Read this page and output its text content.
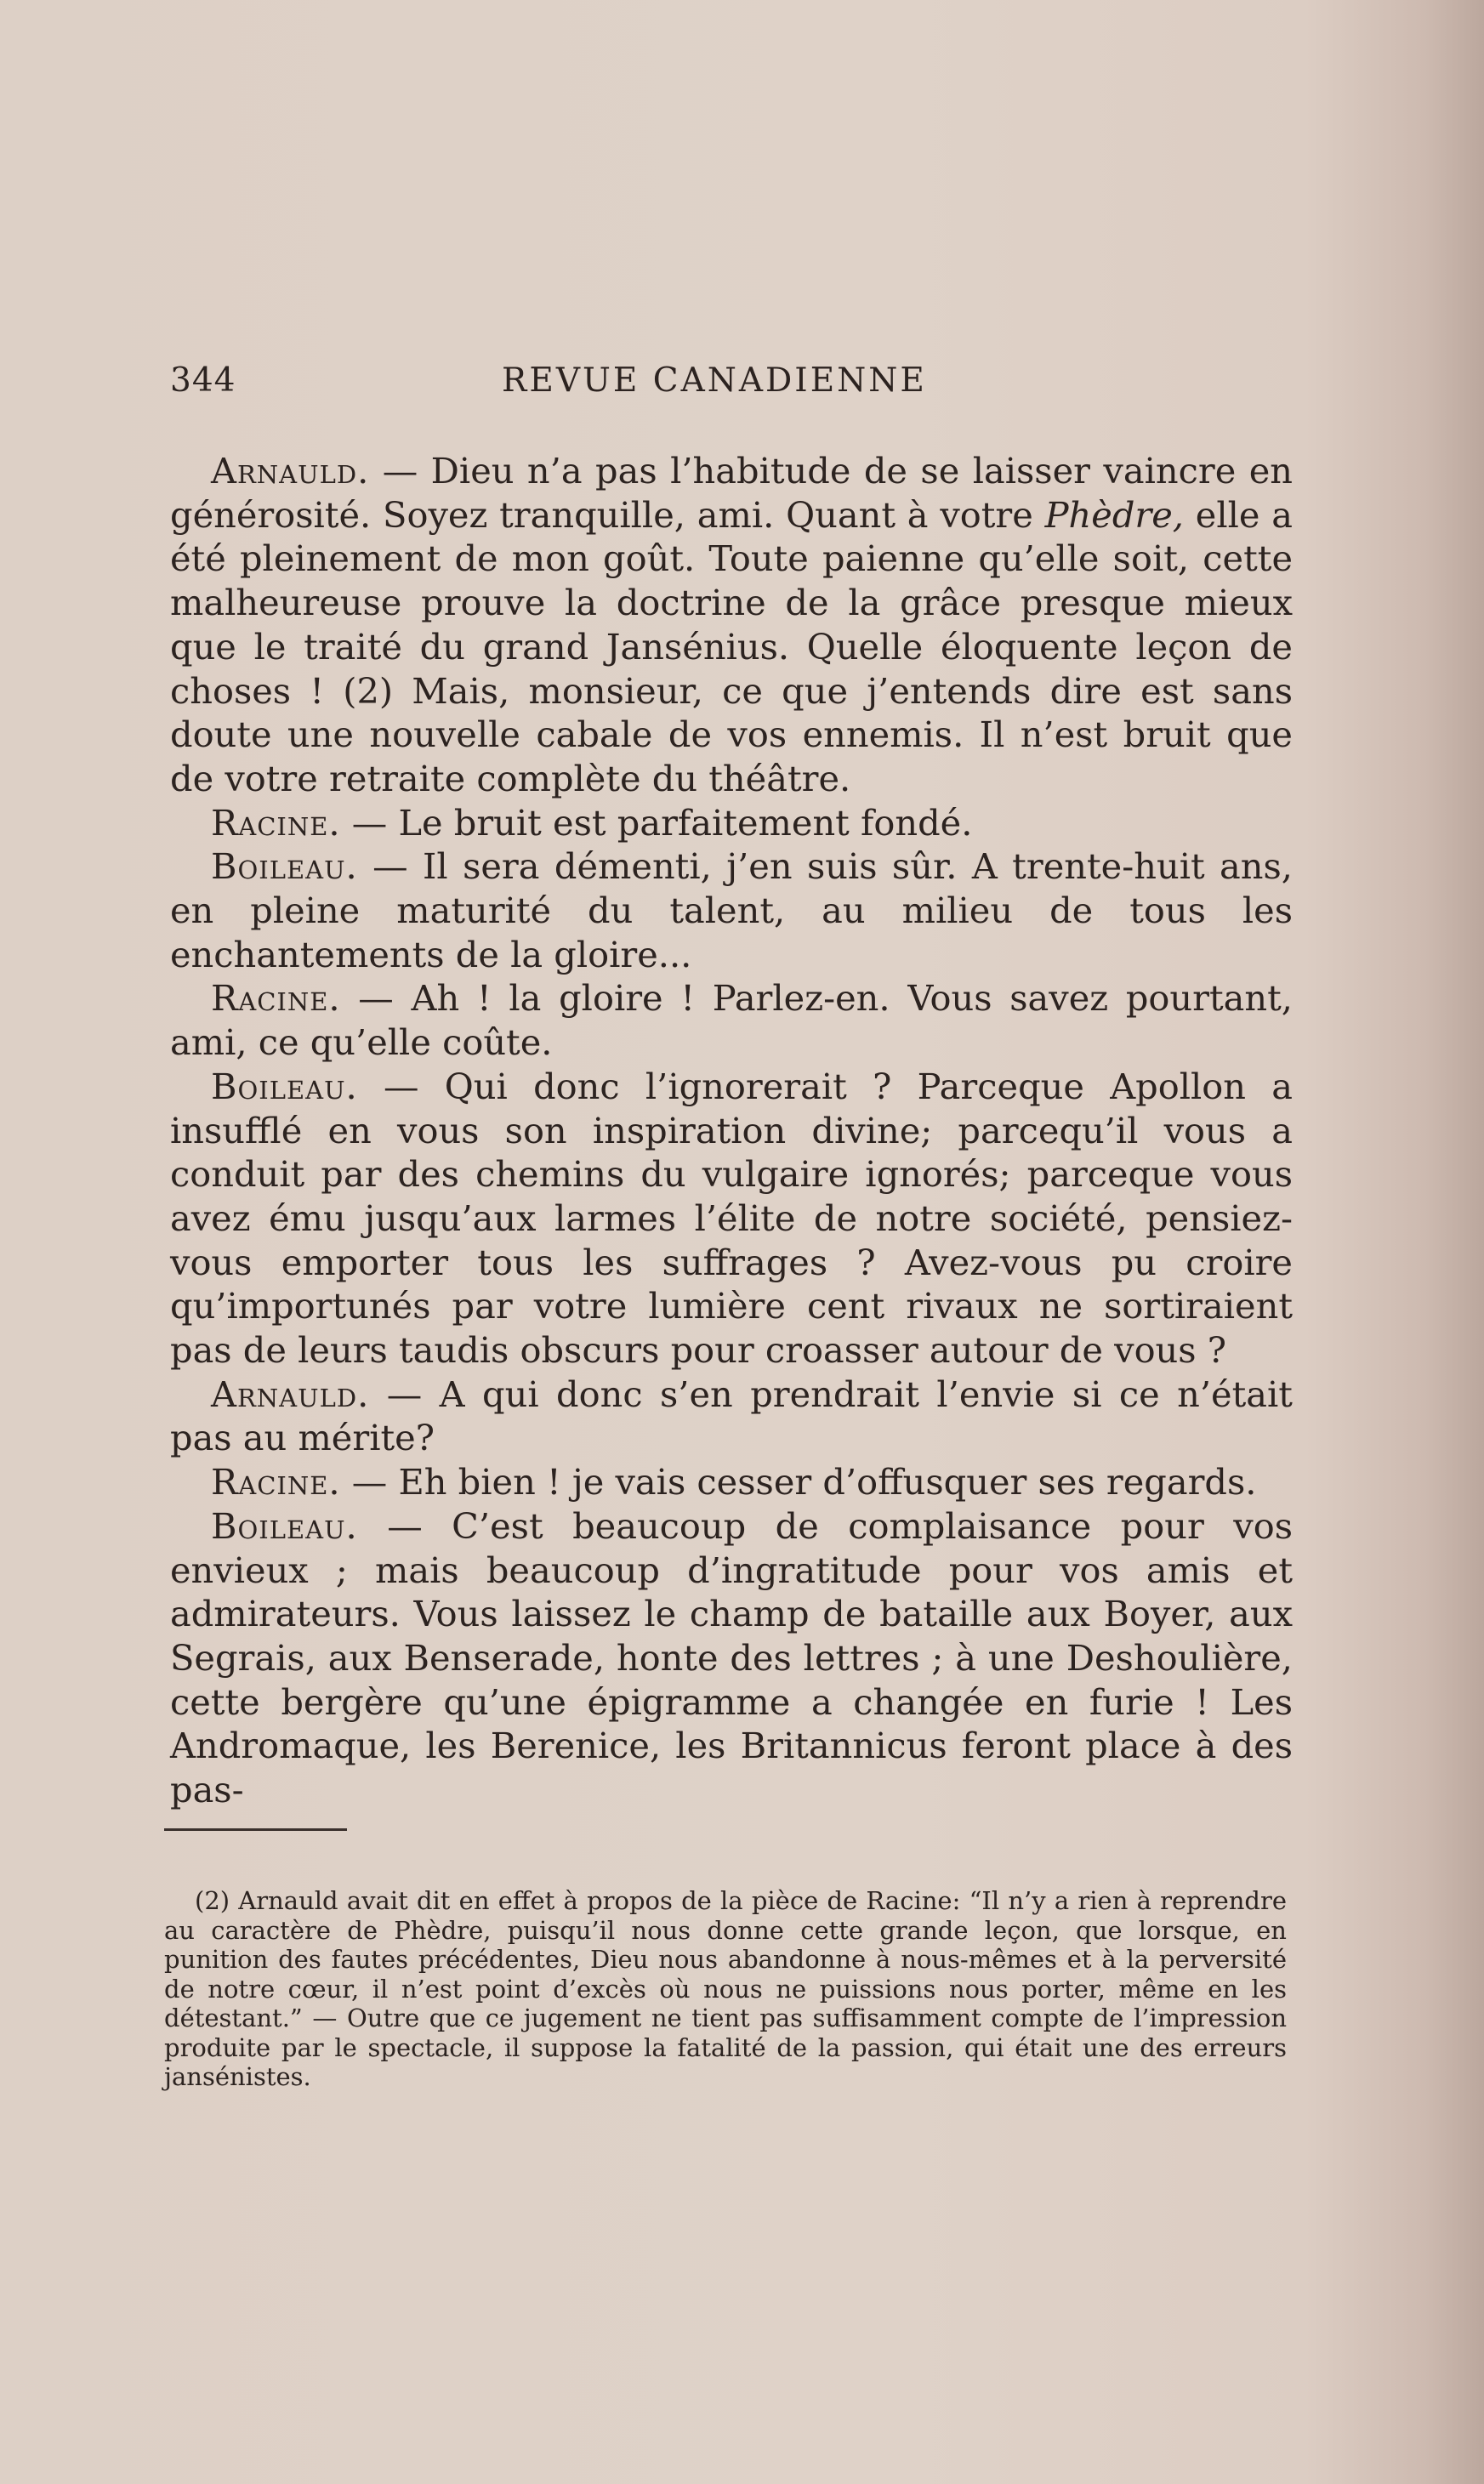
344	REVUE CANADIENNE

Arnauld. — Dieu n’a pas l’habitude de se laisser vaincre en générosité. Soyez tranquille, ami. Quant à votre Phèdre, elle a été pleinement de mon goût. Toute paienne qu’elle soit, cette malheureuse prouve la doctrine de la grâce presque mieux que le traité du grand Jansénius. Quelle éloquente leçon de choses ! (2) Mais, monsieur, ce que j’entends dire est sans doute une nouvelle cabale de vos ennemis. Il n’est bruit que de votre retraite complète du théâtre.

Racine. — Le bruit est parfaitement fondé.

Boileau. — Il sera démenti, j’en suis sûr. A trente-huit ans, en pleine maturité du talent, au milieu de tous les enchantements de la gloire...

Racine. — Ah ! la gloire ! Parlez-en. Vous savez pourtant, ami, ce qu’elle coûte.

Boileau. — Qui donc l’ignorerait ? Parceque Apollon a insufflé en vous son inspiration divine; parcequ’il vous a conduit par des chemins du vulgaire ignorés; parceque vous avez ému jusqu’aux larmes l’élite de notre société, pensiez-vous emporter tous les suffrages ? Avez-vous pu croire qu’importunés par votre lumière cent rivaux ne sortiraient pas de leurs taudis obscurs pour croasser autour de vous ?

Arnauld. — A qui donc s’en prendrait l’envie si ce n’était pas au mérite?

Racine. — Eh bien ! je vais cesser d’offusquer ses regards.

Boileau. — C’est beaucoup de complaisance pour vos envieux ; mais beaucoup d’ingratitude pour vos amis et admirateurs. Vous laissez le champ de bataille aux Boyer, aux Segrais, aux Benserade, honte des lettres ; à une Deshoulière, cette bergère qu’une épigramme a changée en furie ! Les Andromaque, les Berenice, les Britannicus feront place à des pas-

(2) Arnauld avait dit en effet à propos de la pièce de Racine: “Il n’y a rien à reprendre au caractère de Phèdre, puisqu’il nous donne cette grande leçon, que lorsque, en punition des fautes précédentes, Dieu nous abandonne à nous-mêmes et à la perversité de notre cœur, il n’est point d’excès où nous ne puissions nous porter, même en les détestant.” — Outre que ce jugement ne tient pas suffisamment compte de l’impression produite par le spectacle, il suppose la fatalité de la passion, qui était une des erreurs jansénistes.
